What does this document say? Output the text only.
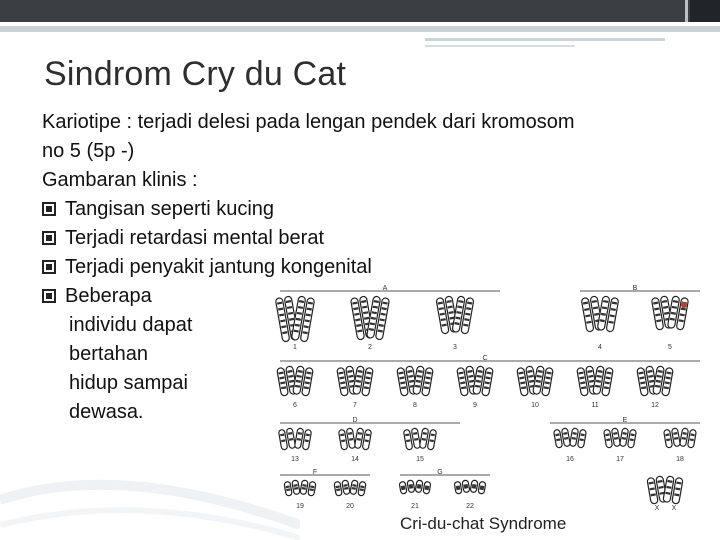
Sindrom Cry du Cat
Kariotipe : terjadi delesi pada lengan pendek dari kromosom
no 5 (5p -)
Gambaran klinis :
Tangisan seperti kucing
Terjadi retardasi mental berat
Terjadi penyakit jantung kongenital
Beberapa
individu dapat
bertahan
hidup sampai
dewasa.
A	B
1	2	3	4	5
C
6	7	8	9	10	11	12
D	E
13	14	15	16	17	18
F	G
19	20	21	22	X X
Cri-du-chat Syndrome
